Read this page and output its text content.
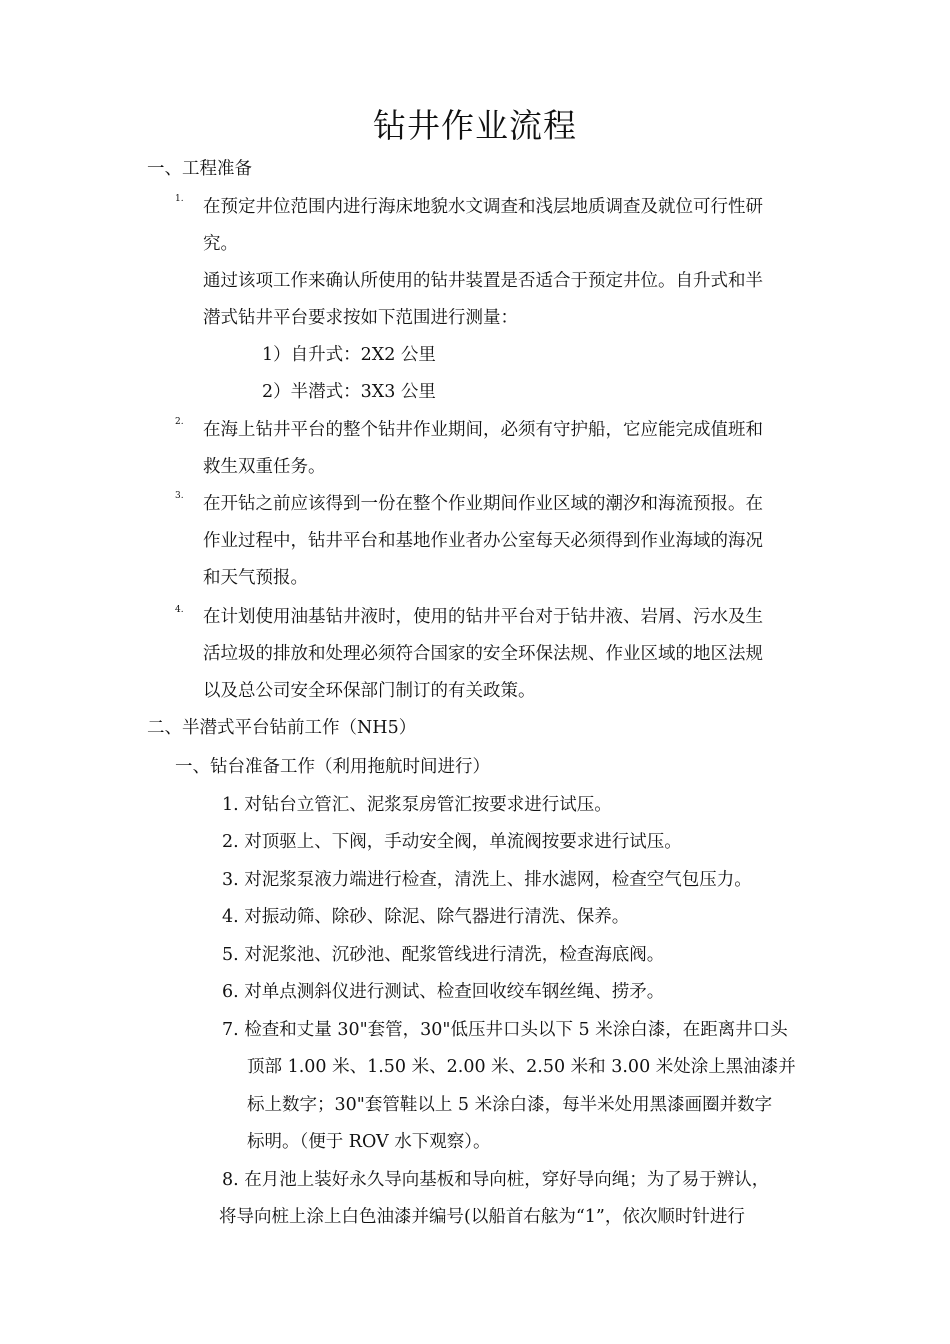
钻井作业流程
一、工程准备
1. 在预定井位范围内进行海床地貌水文调查和浅层地质调查及就位可行性研
究。
通过该项工作来确认所使用的钻井装置是否适合于预定井位。自升式和半
潜式钻井平台要求按如下范围进行测量：
1）自升式：2X2 公里
2）半潜式：3X3 公里
2. 在海上钻井平台的整个钻井作业期间，必须有守护船，它应能完成值班和
救生双重任务。
3. 在开钻之前应该得到一份在整个作业期间作业区域的潮汐和海流预报。在
作业过程中，钻井平台和基地作业者办公室每天必须得到作业海域的海况
和天气预报。
4. 在计划使用油基钻井液时，使用的钻井平台对于钻井液、岩屑、污水及生
活垃圾的排放和处理必须符合国家的安全环保法规、作业区域的地区法规
以及总公司安全环保部门制订的有关政策。
二、半潜式平台钻前工作（NH5）
一、钻台准备工作（利用拖航时间进行）
1. 对钻台立管汇、泥浆泵房管汇按要求进行试压。
2. 对顶驱上、下阀，手动安全阀，单流阀按要求进行试压。
3. 对泥浆泵液力端进行检查，清洗上、排水滤网，检查空气包压力。
4. 对振动筛、除砂、除泥、除气器进行清洗、保养。
5. 对泥浆池、沉砂池、配浆管线进行清洗，检查海底阀。
6. 对单点测斜仪进行测试、检查回收绞车钢丝绳、捞矛。
7. 检查和丈量 30"套管，30"低压井口头以下 5 米涂白漆，在距离井口头
顶部 1.00 米、1.50 米、2.00 米、2.50 米和 3.00 米处涂上黑油漆并
标上数字；30"套管鞋以上 5 米涂白漆，每半米处用黑漆画圈并数字
标明。（便于 ROV 水下观察）。
8. 在月池上装好永久导向基板和导向桩，穿好导向绳；为了易于辨认，
将导向桩上涂上白色油漆并编号(以船首右舷为“1”，依次顺时针进行
